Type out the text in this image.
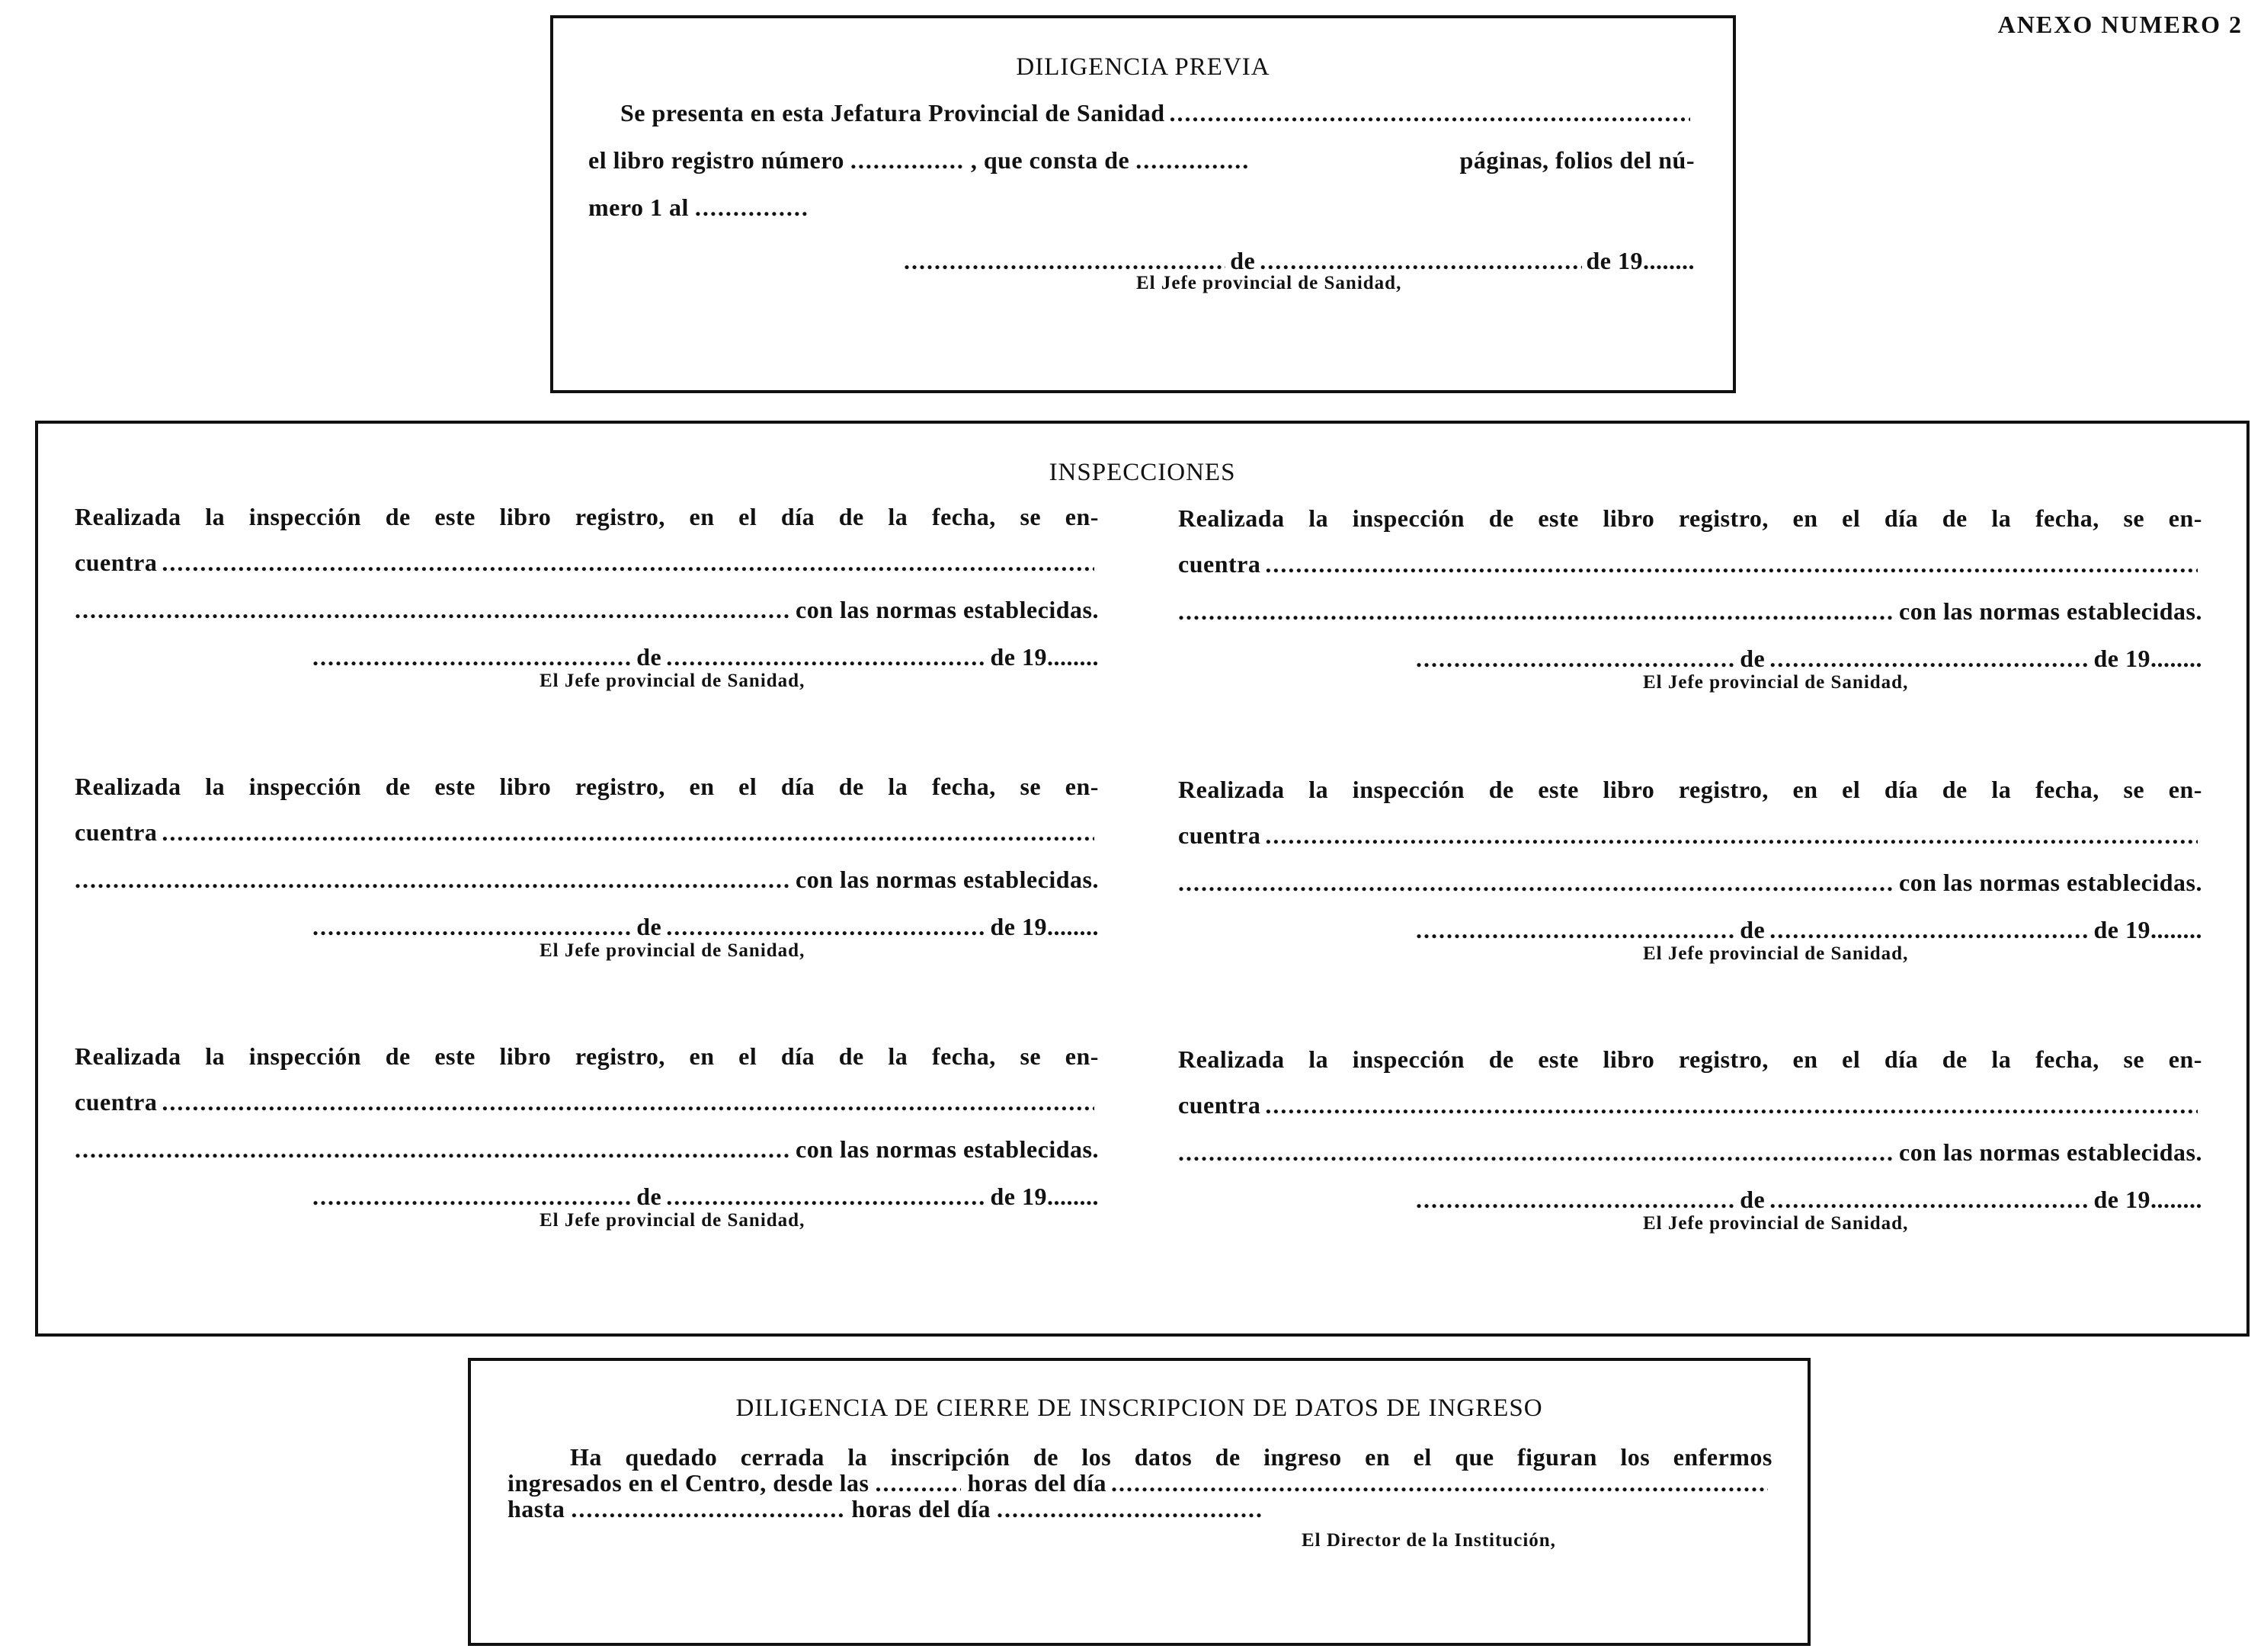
ANEXO NUMERO 2
DILIGENCIA PREVIA
Se presenta en esta Jefatura Provincial de Sanidad
.....
el libro registro número .....	, que consta de .....	páginas, folios del nú-
mero 1 al
.....
.....
de .....	de 19........
El Jefe provincial de Sanidad,
INSPECCIONES
Realizada la inspección de este libro registro, en el día de la fecha, se en-
cuentra
.....
.....
con las normas establecidas.
.....
de .....	de 19........
El Jefe provincial de Sanidad,
Realizada la inspección de este libro registro, en el día de la fecha, se en-
cuentra
.....
.....
con las normas establecidas.
.....
de .....	de 19........
El Jefe provincial de Sanidad,
Realizada la inspección de este libro registro, en el día de la fecha, se en-
cuentra
.....
.....
con las normas establecidas.
.....
de .....	de 19........
El Jefe provincial de Sanidad,
Realizada la inspección de este libro registro, en el día de la fecha, se en-
cuentra
.....
.....
con las normas establecidas.
.....
de .....	de 19........
El Jefe provincial de Sanidad,
Realizada la inspección de este libro registro, en el día de la fecha, se en-
cuentra
.....
.....
con las normas establecidas.
.....
de .....	de 19........
El Jefe provincial de Sanidad,
Realizada la inspección de este libro registro, en el día de la fecha, se en-
cuentra
.....
.....
con las normas establecidas.
.....
de .....	de 19........
El Jefe provincial de Sanidad,
DILIGENCIA DE CIERRE DE INSCRIPCION DE DATOS DE INGRESO
Ha quedado cerrada la inscripción de los datos de ingreso en el que figuran los enfermos
ingresados en el Centro, desde las .....	horas del día
.....
hasta .....	horas del día
.....
El Director de la Institución,
